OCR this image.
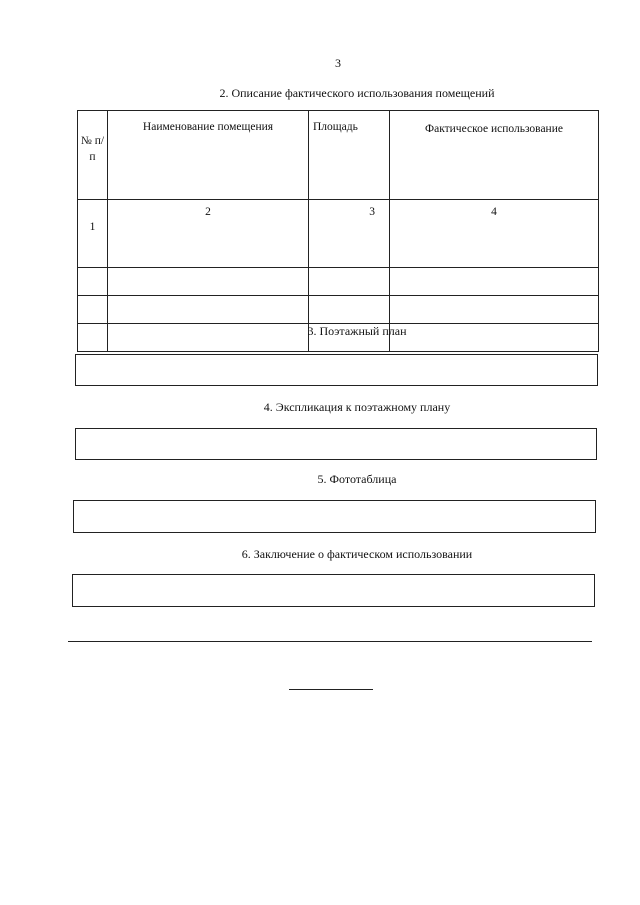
3
2. Описание фактического использования помещений
№ п/п	Наименование помещения	Площадь	Фактическое использование
1	2	3	4

3. Поэтажный план
4. Экспликация к поэтажному плану
5. Фототаблица
6. Заключение о фактическом использовании
